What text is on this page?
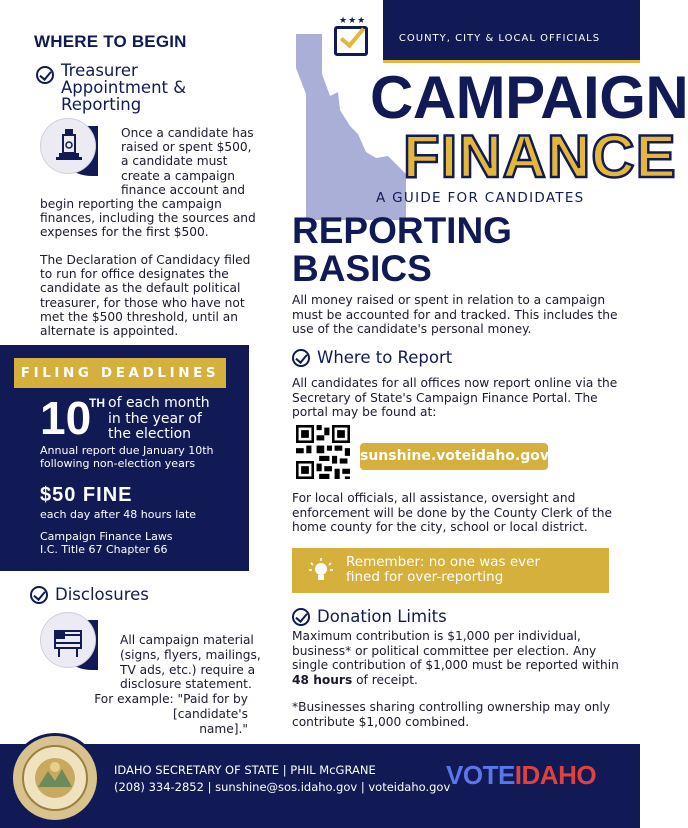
WHERE TO BEGIN
Treasurer
Appointment &
Reporting
Once a candidate has
raised or spent $500,
a candidate must
create a campaign
finance account and
begin reporting the campaign
finances, including the sources and
expenses for the first $500.
The Declaration of Candidacy filed
to run for office designates the
candidate as the default political
treasurer, for those who have not
met the $500 threshold, until an
alternate is appointed.
FILING DEADLINES
10
TH of each month
in the year of
the election
Annual report due January 10th
following non-election years
$50 FINE
each day after 48 hours late
Campaign Finance Laws
I.C. Title 67 Chapter 66
Disclosures
All campaign material
(signs, flyers, mailings,
TV ads, etc.) require a
disclosure statement.
For example: "Paid for by [candidate's
name]."
★★★
COUNTY, CITY & LOCAL OFFICIALS
CAMPAIGN
FINANCE
A GUIDE FOR CANDIDATES
REPORTING
BASICS
All money raised or spent in relation to a campaign
must be accounted for and tracked. This includes the
use of the candidate's personal money.
Where to Report
All candidates for all offices now report online via the
Secretary of State's Campaign Finance Portal. The
portal may be found at:
sunshine.voteidaho.gov
For local officials, all assistance, oversight and
enforcement will be done by the County Clerk of the
home county for the city, school or local district.
Remember: no one was ever
fined for over-reporting
Donation Limits
Maximum contribution is $1,000 per individual,
business* or political committee per election. Any
single contribution of $1,000 must be reported within
48 hours of receipt.
*Businesses sharing controlling ownership may only
contribute $1,000 combined.
IDAHO SECRETARY OF STATE | PHIL McGRANE
(208) 334-2852 | sunshine@sos.idaho.gov | voteidaho.gov
VOTEIDAHO
